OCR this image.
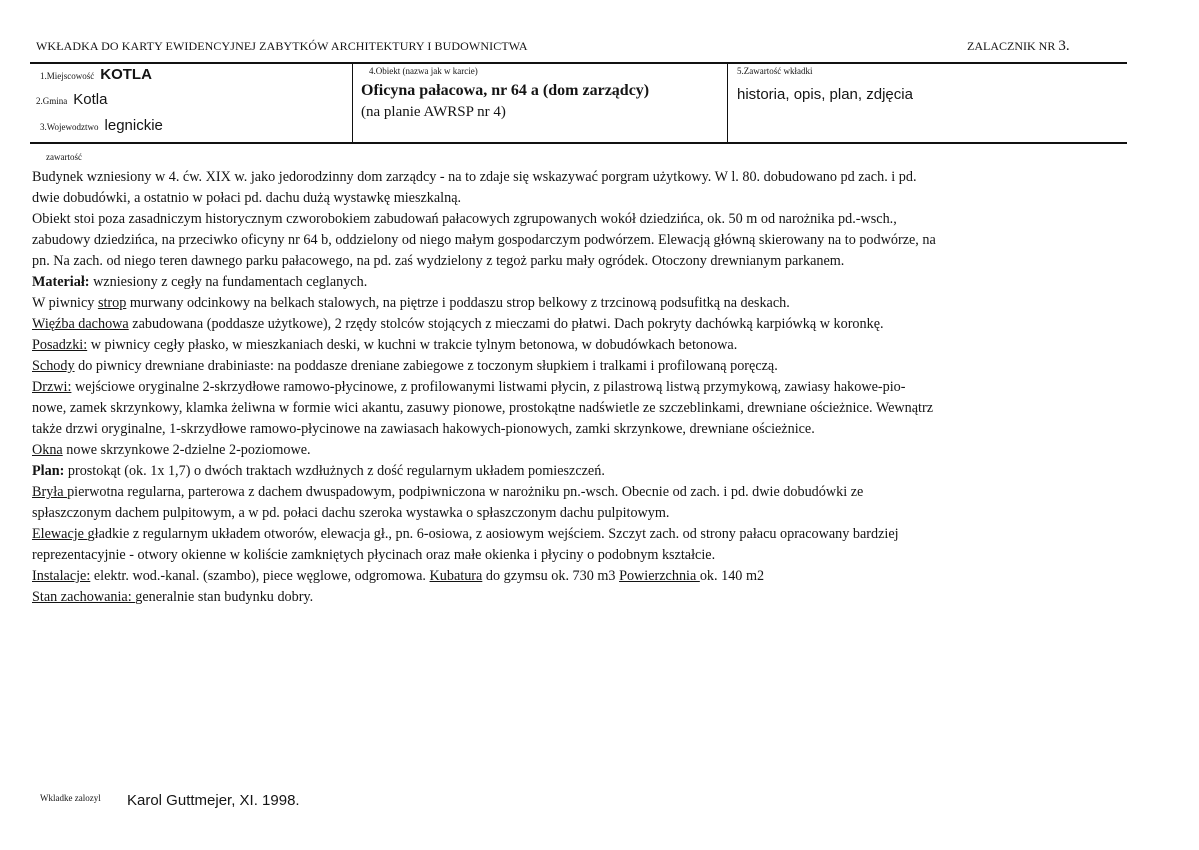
WKŁADKA DO KARTY EWIDENCYJNEJ ZABYTKÓW ARCHITEKTURY I BUDOWNICTWA	ZALACZNIK NR 3.
1.Miejscowość KOTLA
2.Gmina Kotla
3.Wojewodztwo legnickie
4.Obiekt (nazwa jak w karcie)
Oficyna pałacowa, nr 64 a (dom zarządcy)
(na planie AWRSP nr 4)
5.Zawartość wkładki
historia, opis, plan, zdjęcia
zawartość
Budynek wzniesiony w 4. ćw. XIX w. jako jedorodzinny dom zarządcy - na to zdaje się wskazywać porgram użytkowy. W l. 80. dobudowano pd zach. i pd.
dwie dobudówki, a ostatnio w połaci pd. dachu dużą wystawkę mieszkalną.
Obiekt stoi poza zasadniczym historycznym czworobokiem zabudowań pałacowych zgrupowanych wokół dziedzińca, ok. 50 m od narożnika pd.-wsch.,
zabudowy dziedzińca, na przeciwko oficyny nr 64 b, oddzielony od niego małym gospodarczym podwórzem. Elewacją główną skierowany na to podwórze, na
pn. Na zach. od niego teren dawnego parku pałacowego, na pd. zaś wydzielony z tegoż parku mały ogródek. Otoczony drewnianym parkanem.
Materiał: wzniesiony z cegły na fundamentach ceglanych.
W piwnicy strop murwany odcinkowy na belkach stalowych, na piętrze i poddaszu strop belkowy z trzcinową podsufitką na deskach.
Więźba dachowa zabudowana (poddasze użytkowe), 2 rzędy stolców stojących z mieczami do płatwi. Dach pokryty dachówką karpiówką w koronkę.
Posadzki: w piwnicy cegły płasko, w mieszkaniach deski, w kuchni w trakcie tylnym betonowa, w dobudówkach betonowa.
Schody do piwnicy drewniane drabiniaste: na poddasze dreniane zabiegowe z toczonym słupkiem i tralkami i profilowaną poręczą.
Drzwi: wejściowe oryginalne 2-skrzydłowe ramowo-płycinowe, z profilowanymi listwami płycin, z pilastrową listwą przymykową, zawiasy hakowe-pio-
nowe, zamek skrzynkowy, klamka żeliwna w formie wici akantu, zasuwy pionowe, prostokątne nadświetle ze szczeblinkami, drewniane ościeżnice. Wewnątrz
także drzwi oryginalne, 1-skrzydłowe ramowo-płycinowe na zawiasach hakowych-pionowych, zamki skrzynkowe, drewniane ościeżnice.
Okna nowe skrzynkowe 2-dzielne 2-poziomowe.
Plan: prostokąt (ok. 1x 1,7) o dwóch traktach wzdłużnych z dość regularnym układem pomieszczeń.
Bryła pierwotna regularna, parterowa z dachem dwuspadowym, podpiwniczona w narożniku pn.-wsch. Obecnie od zach. i pd. dwie dobudówki ze
spłaszczonym dachem pulpitowym, a w pd. połaci dachu szeroka wystawka o spłaszczonym dachu pulpitowym.
Elewacje gładkie z regularnym układem otworów, elewacja gł., pn. 6-osiowa, z aosiowym wejściem. Szczyt zach. od strony pałacu opracowany bardziej
reprezentacyjnie - otwory okienne w koliście zamkniętych płycinach oraz małe okienka i płyciny o podobnym kształcie.
Instalacje: elektr. wod.-kanal. (szambo), piece węglowe, odgromowa. Kubatura do gzymsu ok. 730 m3 Powierzchnia ok. 140 m2
Stan zachowania: generalnie stan budynku dobry.
Wkladke zalozyl Karol Guttmejer, XI. 1998.
